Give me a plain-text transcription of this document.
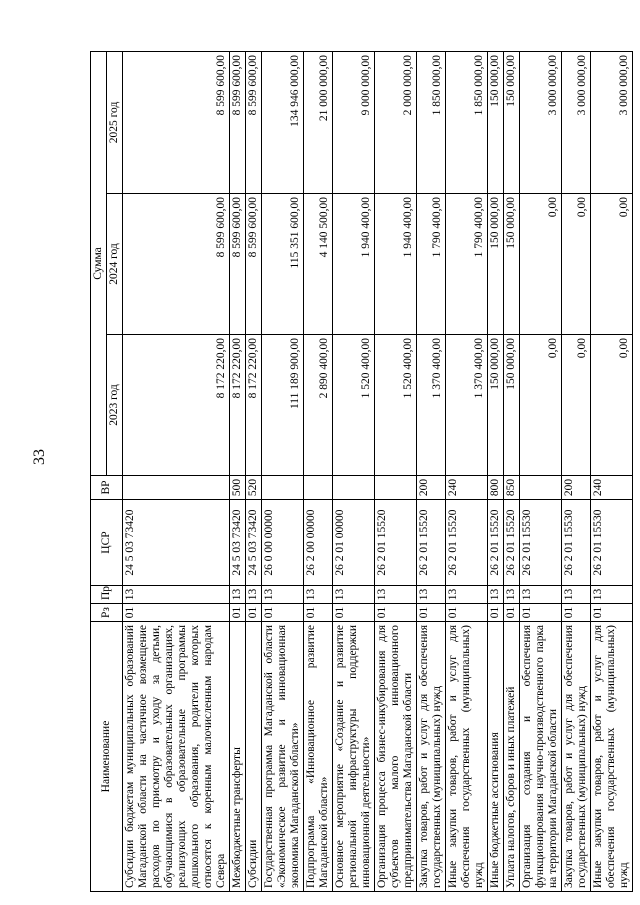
33
Наименование	Рз	Пр	ЦСР	ВР	Сумма		
					2023 год	2024 год	2025 год
Субсидии бюджетам муниципальных образований Магаданской области на частичное возмещение расходов по присмотру и уходу за детьми, обучающимися в образовательных организациях, реализующих образовательные программы дошкольного образования, родители которых относятся к коренным малочисленным народам Севера	01	13	24 5 03 73420		8 172 220,00	8 599 600,00	8 599 600,00
Межбюджетные трансферты	01	13	24 5 03 73420	500	8 172 220,00	8 599 600,00	8 599 600,00
Субсидии	01	13	24 5 03 73420	520	8 172 220,00	8 599 600,00	8 599 600,00
Государственная программа Магаданской области «Экономическое развитие и инновационная экономика Магаданской области»	01	13	26 0 00 00000		111 189 900,00	115 351 600,00	134 946 000,00
Подпрограмма «Инновационное развитие Магаданской области»	01	13	26 2 00 00000		2 890 400,00	4 140 500,00	21 000 000,00
Основное мероприятие «Создание и развитие региональной инфраструктуры поддержки инновационной деятельности»	01	13	26 2 01 00000		1 520 400,00	1 940 400,00	9 000 000,00
Организация процесса бизнес-инкубирования для субъектов малого инновационного предпринимательства Магаданской области	01	13	26 2 01 15520		1 520 400,00	1 940 400,00	2 000 000,00
Закупка товаров, работ и услуг для обеспечения государственных (муниципальных) нужд	01	13	26 2 01 15520	200	1 370 400,00	1 790 400,00	1 850 000,00
Иные закупки товаров, работ и услуг для обеспечения государственных (муниципальных) нужд	01	13	26 2 01 15520	240	1 370 400,00	1 790 400,00	1 850 000,00
Иные бюджетные ассигнования	01	13	26 2 01 15520	800	150 000,00	150 000,00	150 000,00
Уплата налогов, сборов и иных платежей	01	13	26 2 01 15520	850	150 000,00	150 000,00	150 000,00
Организация создания и обеспечения функционирования научно-производственного парка на территории Магаданской области	01	13	26 2 01 15530		0,00	0,00	3 000 000,00
Закупка товаров, работ и услуг для обеспечения государственных (муниципальных) нужд	01	13	26 2 01 15530	200	0,00	0,00	3 000 000,00
Иные закупки товаров, работ и услуг для обеспечения государственных (муниципальных) нужд	01	13	26 2 01 15530	240	0,00	0,00	3 000 000,00
